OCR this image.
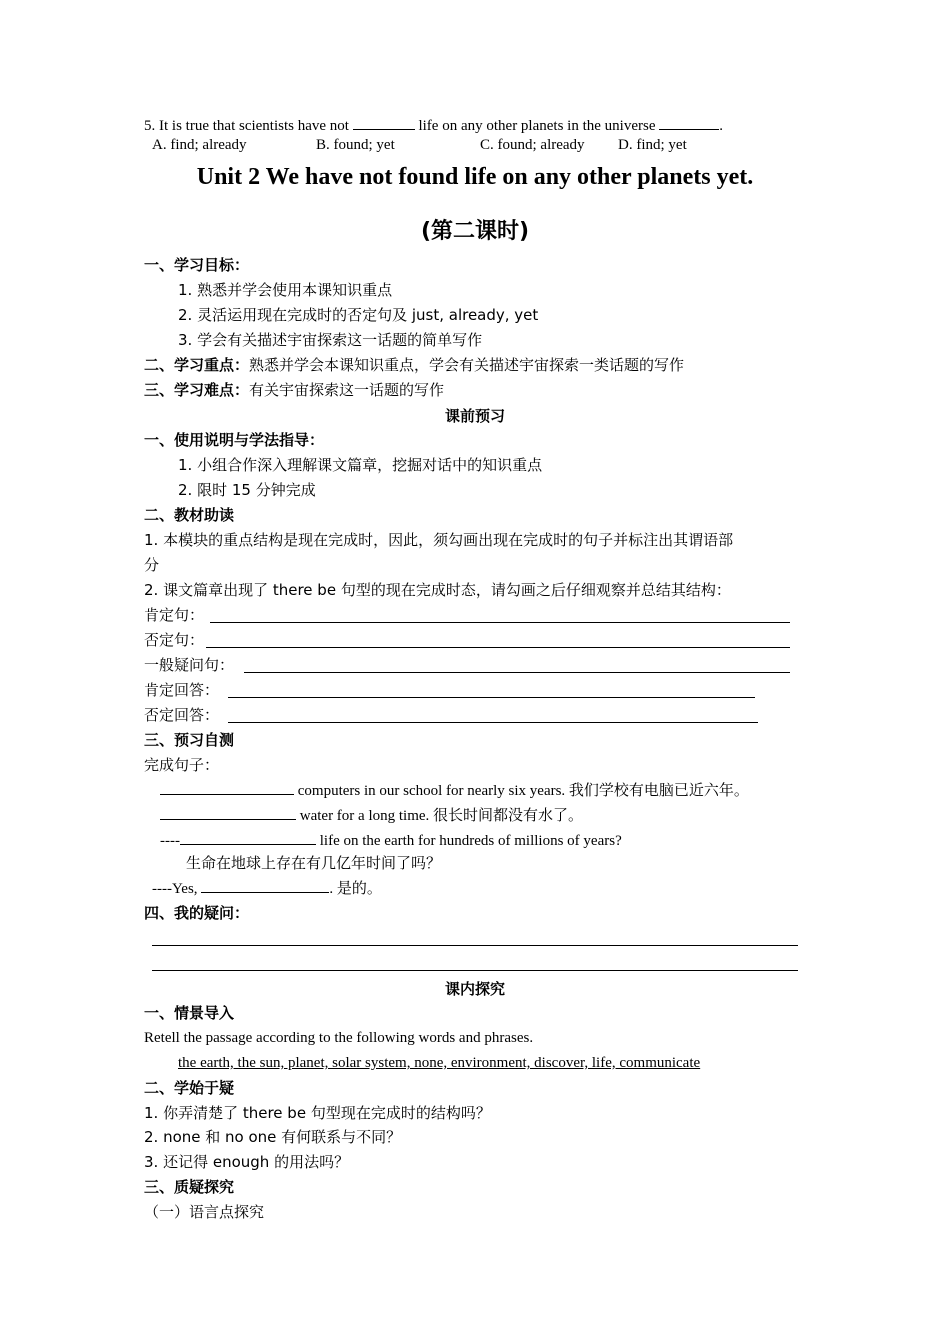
5. It is true that scientists have not	life on any other planets in the universe	.
A. find; already	B. found; yet	C. found; already D. find; yet
Unit 2 We have not found life on any other planets yet.
(第二课时)
一、学习目标：
1. 熟悉并学会使用本课知识重点
2. 灵活运用现在完成时的否定句及 just, already, yet
3. 学会有关描述宇宙探索这一话题的简单写作
二、学习重点：熟悉并学会本课知识重点，学会有关描述宇宙探索一类话题的写作
三、学习难点：有关宇宙探索这一话题的写作
课前预习
一、使用说明与学法指导：
1. 小组合作深入理解课文篇章，挖掘对话中的知识重点
2. 限时 15 分钟完成
二、教材助读
1. 本模块的重点结构是现在完成时，因此，须勾画出现在完成时的句子并标注出其谓语部
分
2. 课文篇章出现了 there be 句型的现在完成时态，请勾画之后仔细观察并总结其结构：
肯定句：
否定句：
一般疑问句：
肯定回答：
否定回答：
三、预习自测
完成句子：
computers in our school for nearly six years. 我们学校有电脑已近六年。
water for a long time. 很长时间都没有水了。
----	life on the earth for hundreds of millions of years?
生命在地球上存在有几亿年时间了吗？
----Yes,	. 是的。
四、我的疑问：
课内探究
一、情景导入
Retell the passage according to the following words and phrases.
the earth, the sun, planet, solar system, none, environment, discover, life, communicate
二、学始于疑
1. 你弄清楚了 there be 句型现在完成时的结构吗？
2. none 和 no one 有何联系与不同？
3. 还记得 enough 的用法吗？
三、质疑探究
（一）语言点探究
